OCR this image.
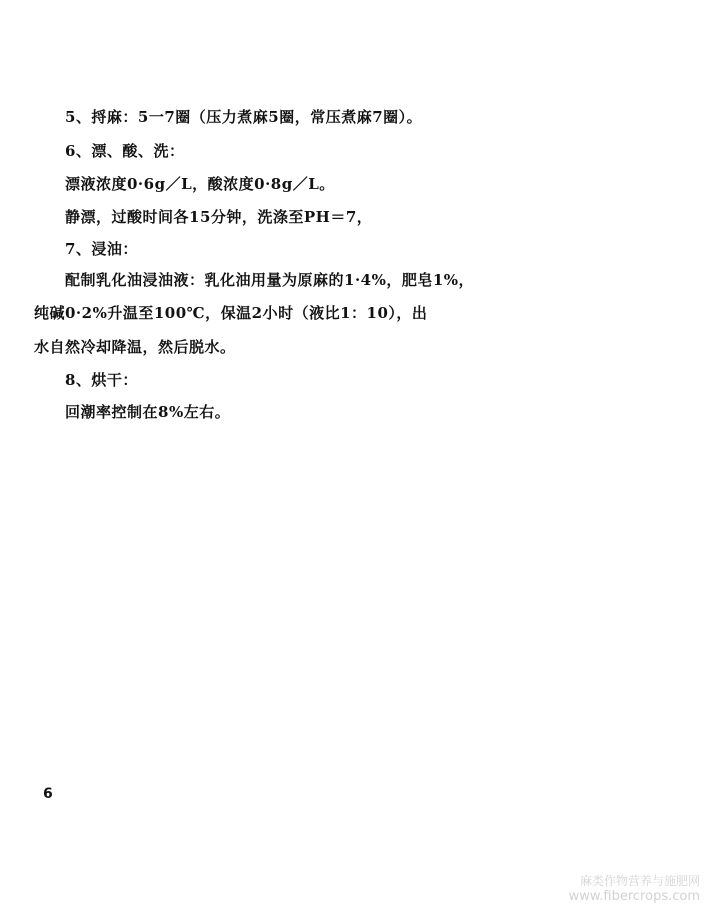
5、捋麻：5一7圈（压力煮麻5圈，常压煮麻7圈）。
6、漂、酸、洗：
漂液浓度0·6g／L，酸浓度0·8g／L。
静漂，过酸时间各15分钟，洗涤至PH＝7，
7、浸油：
配制乳化油浸油液：乳化油用量为原麻的1·4%，肥皂1%，
纯碱0·2%升温至100℃，保温2小时（液比1：10），出
水自然冷却降温，然后脱水。
8、烘干：
回潮率控制在8%左右。
6
麻类作物营养与施肥网
www.fibercrops.com
